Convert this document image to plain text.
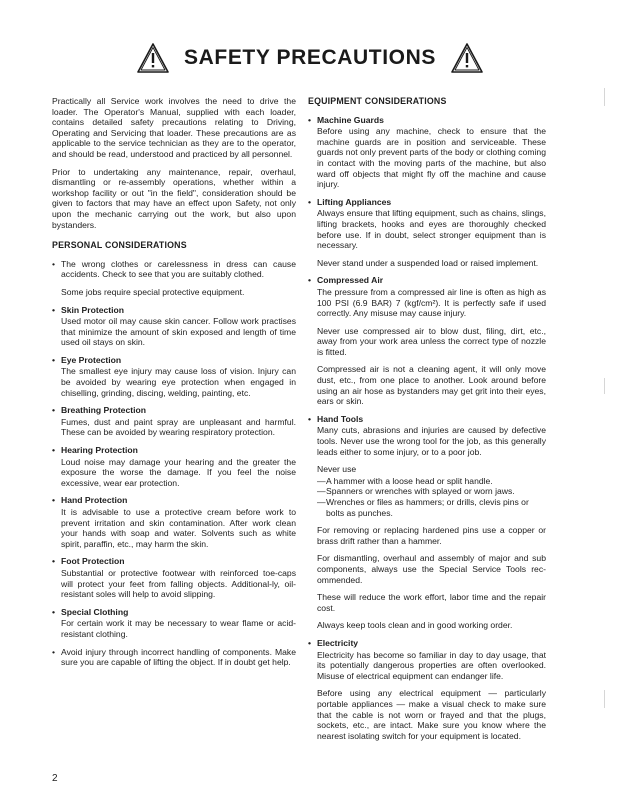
SAFETY PRECAUTIONS

Practically all Service work involves the need to drive the loader. The Operator's Manual, supplied with each loader, contains detailed safety precautions relating to Driving, Operating and Servicing that loader. These precautions are as applicable to the service technician as they are to the operator, and should be read, understood and practiced by all personnel.

Prior to undertaking any maintenance, repair, overhaul, dismantling or re-assembly operations, whether within a workshop facility or out "in the field", consideration should be given to factors that may have an effect upon Safety, not only upon the mechanic carrying out the work, but also upon bystanders.

PERSONAL CONSIDERATIONS

• The wrong clothes or carelessness in dress can cause accidents. Check to see that you are suitably clothed.

Some jobs require special protective equipment.

• Skin Protection

Used motor oil may cause skin cancer. Follow work practises that minimize the amount of skin exposed and length of time used oil stays on skin.

• Eye Protection

The smallest eye injury may cause loss of vision. Injury can be avoided by wearing eye protection when engaged in chiselling, grinding, discing, welding, painting, etc.

• Breathing Protection

Fumes, dust and paint spray are unpleasant and harmful. These can be avoided by wearing respiratory protection.

• Hearing Protection

Loud noise may damage your hearing and the greater the exposure the worse the damage. If you feel the noise excessive, wear ear protection.

• Hand Protection

It is advisable to use a protective cream before work to prevent irritation and skin contamination. After work clean your hands with soap and water. Solvents such as white spirit, paraffin, etc., may harm the skin.

• Foot Protection

Substantial or protective footwear with reinforced toe-caps will protect your feet from falling objects. Additional-ly, oil-resistant soles will help to avoid slipping.

• Special Clothing

For certain work it may be necessary to wear flame or acid-resistant clothing.

• Avoid injury through incorrect handling of components. Make sure you are capable of lifting the object. If in doubt get help.

EQUIPMENT CONSIDERATIONS
• Machine Guards

Before using any machine, check to ensure that the machine guards are in position and serviceable. These guards not only prevent parts of the body or clothing coming in contact with the moving parts of the machine, but also ward off objects that might fly off the machine and cause injury.

• Lifting Appliances

Always ensure that lifting equipment, such as chains, slings, lifting brackets, hooks and eyes are thoroughly checked before use. If in doubt, select stronger equipment than is necessary.

Never stand under a suspended load or raised implement.

• Compressed Air

The pressure from a compressed air line is often as high as 100 PSI (6.9 BAR) 7 (kgf/cm²). It is perfectly safe if used correctly. Any misuse may cause injury.

Never use compressed air to blow dust, filing, dirt, etc., away from your work area unless the correct type of nozzle is fitted.

Compressed air is not a cleaning agent, it will only move dust, etc., from one place to another. Look around before using an air hose as bystanders may get grit into their eyes, ears or skin.

• Hand Tools

Many cuts, abrasions and injuries are caused by defective tools. Never use the wrong tool for the job, as this generally leads either to some injury, or to a poor job.

Never use

— A hammer with a loose head or split handle.

— Spanners or wrenches with splayed or worn jaws.

— Wrenches or files as hammers; or drills, clevis pins or bolts as punches.

For removing or replacing hardened pins use a copper or brass drift rather than a hammer.

For dismantling, overhaul and assembly of major and sub components, always use the Special Service Tools rec-ommended.

These will reduce the work effort, labor time and the repair cost.

Always keep tools clean and in good working order.

• Electricity

Electricity has become so familiar in day to day usage, that its potentially dangerous properties are often overlooked. Misuse of electrical equipment can endanger life.

Before using any electrical equipment — particularly portable appliances — make a visual check to make sure that the cable is not worn or frayed and that the plugs, sockets, etc., are intact. Make sure you know where the nearest isolating switch for your equipment is located.

2
